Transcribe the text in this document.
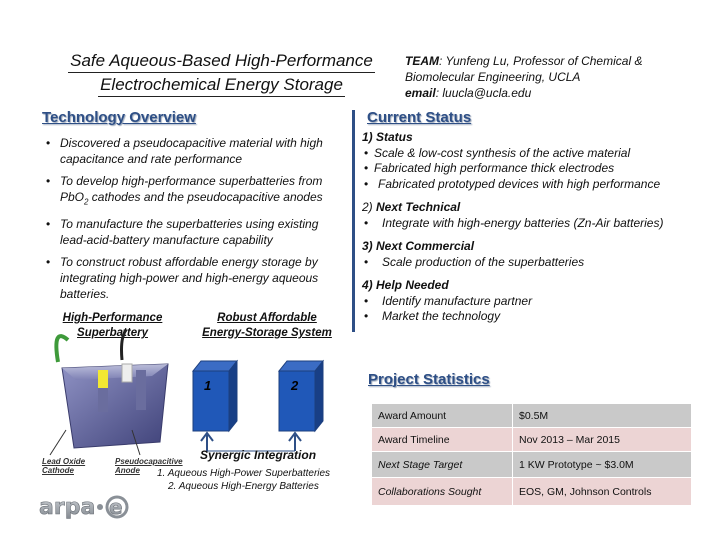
Safe Aqueous-Based High-Performance
Electrochemical Energy Storage
TEAM: Yunfeng Lu, Professor of Chemical & Biomolecular Engineering, UCLA
email: luucla@ucla.edu
Technology Overview
• Discovered a pseudocapacitive material with high capacitance and rate performance
• To develop high-performance superbatteries from PbO$_2$ cathodes and the pseudocapacitive anodes
• To manufacture the superbatteries using existing lead-acid-battery manufacture capability
• To construct robust affordable energy storage by integrating high-power and high-energy aqueous batteries.
Current Status
1) Status
• Scale & low-cost synthesis of the active material
• Fabricated high performance thick electrodes
• Fabricated prototyped devices with high performance
2) Next Technical
• Integrate with high-energy batteries (Zn-Air batteries)
3) Next Commercial
• Scale production of the superbatteries
4) Help Needed
• Identify manufacture partner
• Market the technology
High-Performance
Superbattery
Robust Affordable
Energy-Storage System
Lead Oxide
Cathode
Pseudocapacitive
Anode
1	2
Synergic Integration
1. Aqueous High-Power Superbatteries
2. Aqueous High-Energy Batteries
Project Statistics
Award Amount	$0.5M
Award Timeline	Nov 2013 – Mar 2015
Next Stage Target	1 KW Prototype ~ $3.0M
Collaborations Sought	EOS, GM, Johnson Controls
arpa e
